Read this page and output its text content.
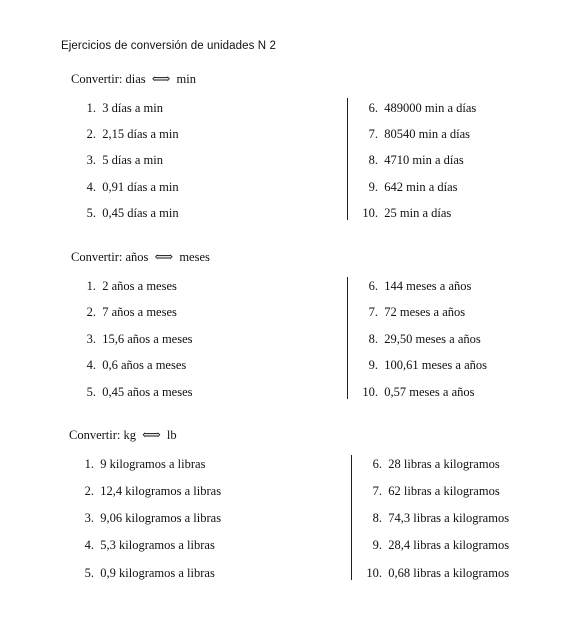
Ejercicios de conversión de unidades N 2
Convertir: dias ⟺ min
1. 3 días a min
2. 2,15 días a min
3. 5 días a min
4. 0,91 días a min
5. 0,45 días a min
6. 489000 min a días
7. 80540 min a días
8. 4710 min a días
9. 642 min a días
10. 25 min a días
Convertir: años ⟺ meses
1. 2 años a meses
2. 7 años a meses
3. 15,6 años a meses
4. 0,6 años a meses
5. 0,45 años a meses
6. 144 meses a años
7. 72 meses a años
8. 29,50 meses a años
9. 100,61 meses a años
10. 0,57 meses a años
Convertir: kg ⟺ lb
1. 9 kilogramos a libras
2. 12,4 kilogramos a libras
3. 9,06 kilogramos a libras
4. 5,3 kilogramos a libras
5. 0,9 kilogramos a libras
6. 28 libras a kilogramos
7. 62 libras a kilogramos
8. 74,3 libras a kilogramos
9. 28,4 libras a kilogramos
10. 0,68 libras a kilogramos
